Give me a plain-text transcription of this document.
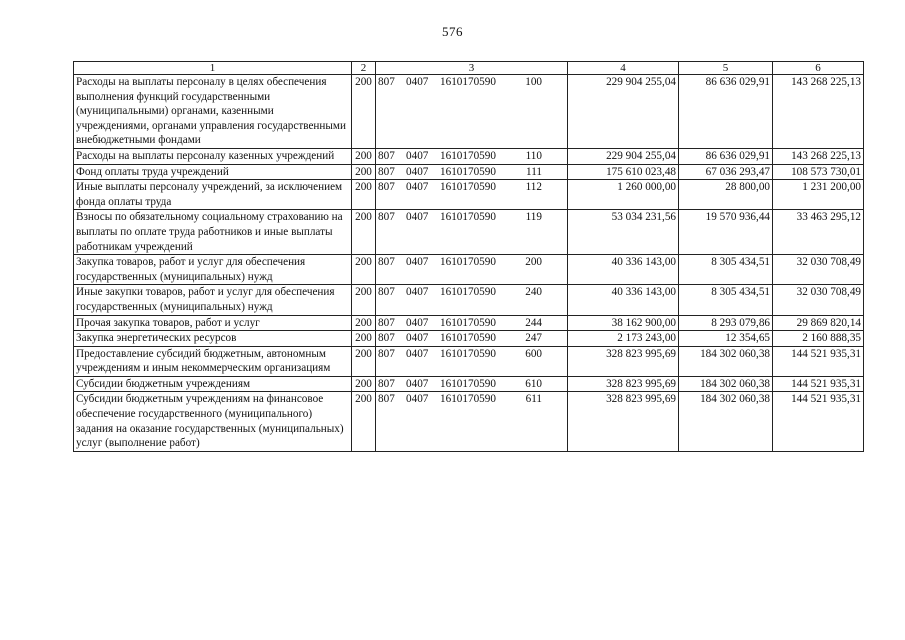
576
1	2	3	4	5	6
Расходы на выплаты персоналу в целях обеспечения выполнения функций государственными (муниципальными) органами, казенными учреждениями, органами управления государственными внебюджетными фондами	200	807 0407 1610170590 100	229 904 255,04	86 636 029,91	143 268 225,13
Расходы на выплаты персоналу казенных учреждений	200	807 0407 1610170590 110	229 904 255,04	86 636 029,91	143 268 225,13
Фонд оплаты труда учреждений	200	807 0407 1610170590 111	175 610 023,48	67 036 293,47	108 573 730,01
Иные выплаты персоналу учреждений, за исключением фонда оплаты труда	200	807 0407 1610170590 112	1 260 000,00	28 800,00	1 231 200,00
Взносы по обязательному социальному страхованию на выплаты по оплате труда работников и иные выплаты работникам учреждений	200	807 0407 1610170590 119	53 034 231,56	19 570 936,44	33 463 295,12
Закупка товаров, работ и услуг для обеспечения государственных (муниципальных) нужд	200	807 0407 1610170590 200	40 336 143,00	8 305 434,51	32 030 708,49
Иные закупки товаров, работ и услуг для обеспечения государственных (муниципальных) нужд	200	807 0407 1610170590 240	40 336 143,00	8 305 434,51	32 030 708,49
Прочая закупка товаров, работ и услуг	200	807 0407 1610170590 244	38 162 900,00	8 293 079,86	29 869 820,14
Закупка энергетических ресурсов	200	807 0407 1610170590 247	2 173 243,00	12 354,65	2 160 888,35
Предоставление субсидий бюджетным, автономным учреждениям и иным некоммерческим организациям	200	807 0407 1610170590 600	328 823 995,69	184 302 060,38	144 521 935,31
Субсидии бюджетным учреждениям	200	807 0407 1610170590 610	328 823 995,69	184 302 060,38	144 521 935,31
Субсидии бюджетным учреждениям на финансовое обеспечение государственного (муниципального) задания на оказание государственных (муниципальных) услуг (выполнение работ)	200	807 0407 1610170590 611	328 823 995,69	184 302 060,38	144 521 935,31
